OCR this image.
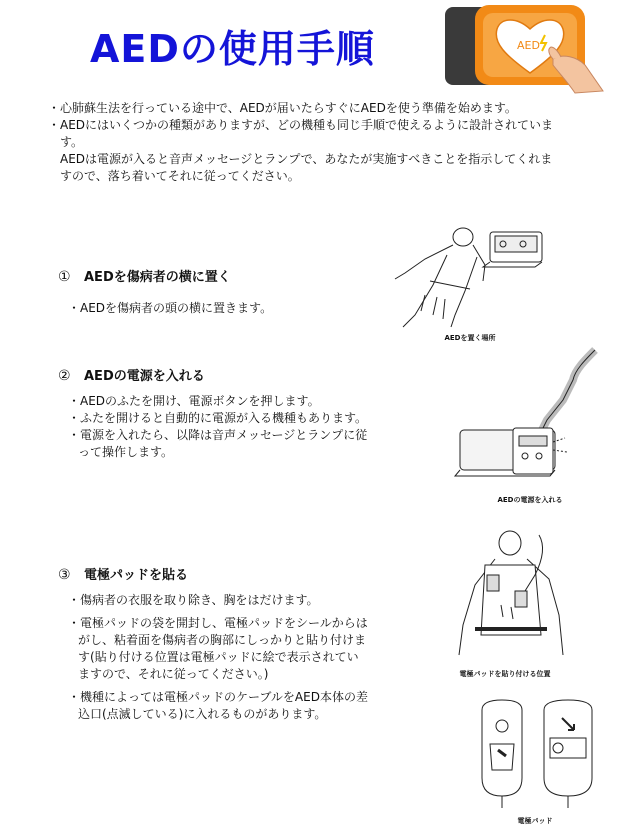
AEDの使用手順	AED

・心肺蘇生法を行っている途中で、AEDが届いたらすぐにAEDを使う準備を始めます。

・AEDにはいくつかの種類がありますが、どの機種も同じ手順で使えるように設計されています。

AEDは電源が入ると音声メッセージとランプで、あなたが実施すべきことを指示してくれますので、落ち着いてそれに従ってください。

① AEDを傷病者の横に置く

・AEDを傷病者の頭の横に置きます。

AEDを置く場所
② AEDの電源を入れる

・AEDのふたを開け、電源ボタンを押します。

・ふたを開けると自動的に電源が入る機種もあります。

・電源を入れたら、以降は音声メッセージとランプに従って操作します。

AEDの電源を入れる
③ 電極パッドを貼る

・傷病者の衣服を取り除き、胸をはだけます。

・電極パッドの袋を開封し、電極パッドをシールからはがし、粘着面を傷病者の胸部にしっかりと貼り付けます(貼り付ける位置は電極パッドに絵で表示されていますので、それに従ってください。)

・機種によっては電極パッドのケーブルをAED本体の差込口(点滅している)に入れるものがあります。

電極パッドを貼り付ける位置
電極パッド
